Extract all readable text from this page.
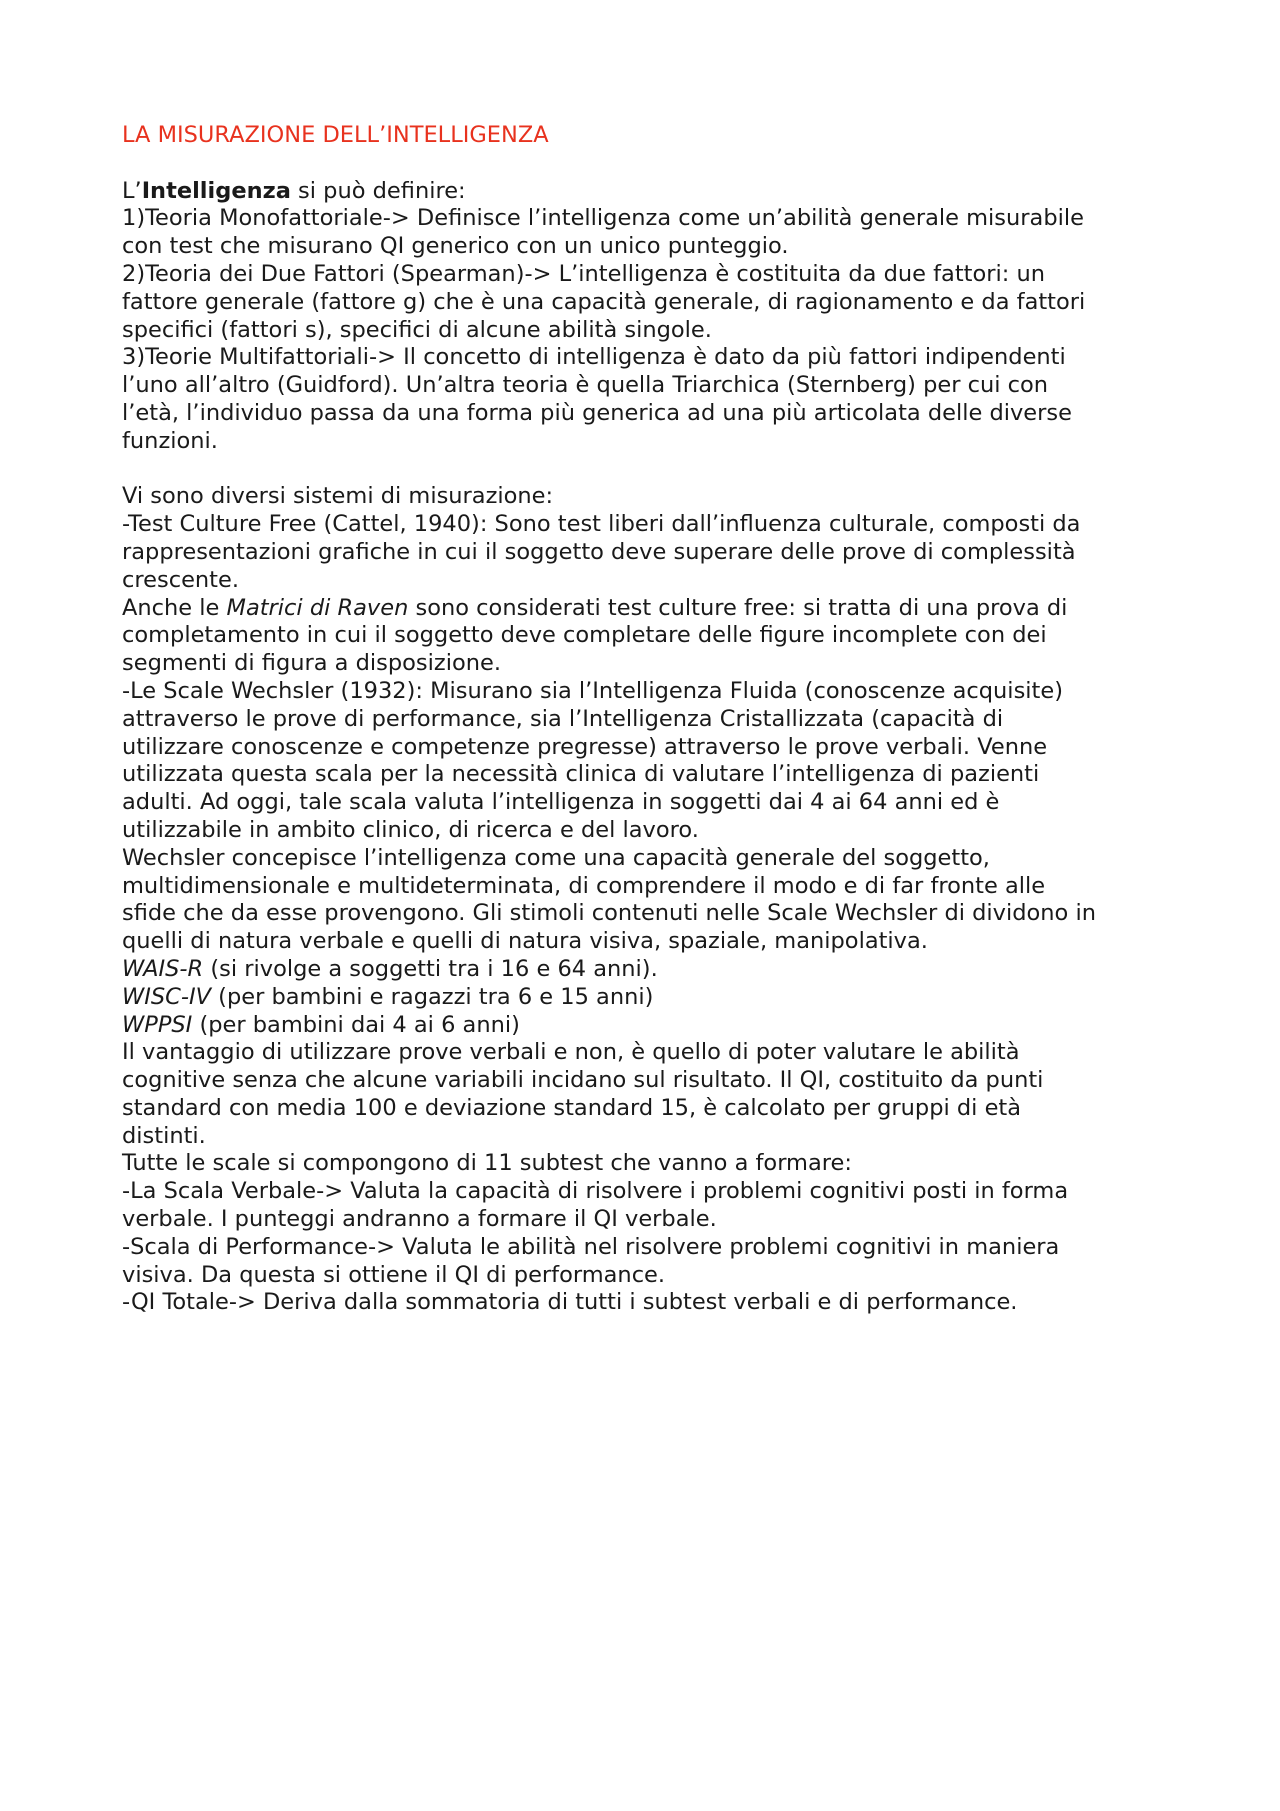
LA MISURAZIONE DELL’INTELLIGENZA
L’Intelligenza si può definire:
1)Teoria Monofattoriale-> Definisce l’intelligenza come un’abilità generale misurabile
con test che misurano QI generico con un unico punteggio.
2)Teoria dei Due Fattori (Spearman)-> L’intelligenza è costituita da due fattori: un
fattore generale (fattore g) che è una capacità generale, di ragionamento e da fattori
specifici (fattori s), specifici di alcune abilità singole.
3)Teorie Multifattoriali-> Il concetto di intelligenza è dato da più fattori indipendenti
l’uno all’altro (Guidford). Un’altra teoria è quella Triarchica (Sternberg) per cui con
l’età, l’individuo passa da una forma più generica ad una più articolata delle diverse
funzioni.
Vi sono diversi sistemi di misurazione:
-Test Culture Free (Cattel, 1940): Sono test liberi dall’influenza culturale, composti da
rappresentazioni grafiche in cui il soggetto deve superare delle prove di complessità
crescente.
Anche le Matrici di Raven sono considerati test culture free: si tratta di una prova di
completamento in cui il soggetto deve completare delle figure incomplete con dei
segmenti di figura a disposizione.
-Le Scale Wechsler (1932): Misurano sia l’Intelligenza Fluida (conoscenze acquisite)
attraverso le prove di performance, sia l’Intelligenza Cristallizzata (capacità di
utilizzare conoscenze e competenze pregresse) attraverso le prove verbali. Venne
utilizzata questa scala per la necessità clinica di valutare l’intelligenza di pazienti
adulti. Ad oggi, tale scala valuta l’intelligenza in soggetti dai 4 ai 64 anni ed è
utilizzabile in ambito clinico, di ricerca e del lavoro.
Wechsler concepisce l’intelligenza come una capacità generale del soggetto,
multidimensionale e multideterminata, di comprendere il modo e di far fronte alle
sfide che da esse provengono. Gli stimoli contenuti nelle Scale Wechsler di dividono in
quelli di natura verbale e quelli di natura visiva, spaziale, manipolativa.
WAIS-R (si rivolge a soggetti tra i 16 e 64 anni).
WISC-IV (per bambini e ragazzi tra 6 e 15 anni)
WPPSI (per bambini dai 4 ai 6 anni)
Il vantaggio di utilizzare prove verbali e non, è quello di poter valutare le abilità
cognitive senza che alcune variabili incidano sul risultato. Il QI, costituito da punti
standard con media 100 e deviazione standard 15, è calcolato per gruppi di età
distinti.
Tutte le scale si compongono di 11 subtest che vanno a formare:
-La Scala Verbale-> Valuta la capacità di risolvere i problemi cognitivi posti in forma
verbale. I punteggi andranno a formare il QI verbale.
-Scala di Performance-> Valuta le abilità nel risolvere problemi cognitivi in maniera
visiva. Da questa si ottiene il QI di performance.
-QI Totale-> Deriva dalla sommatoria di tutti i subtest verbali e di performance.
